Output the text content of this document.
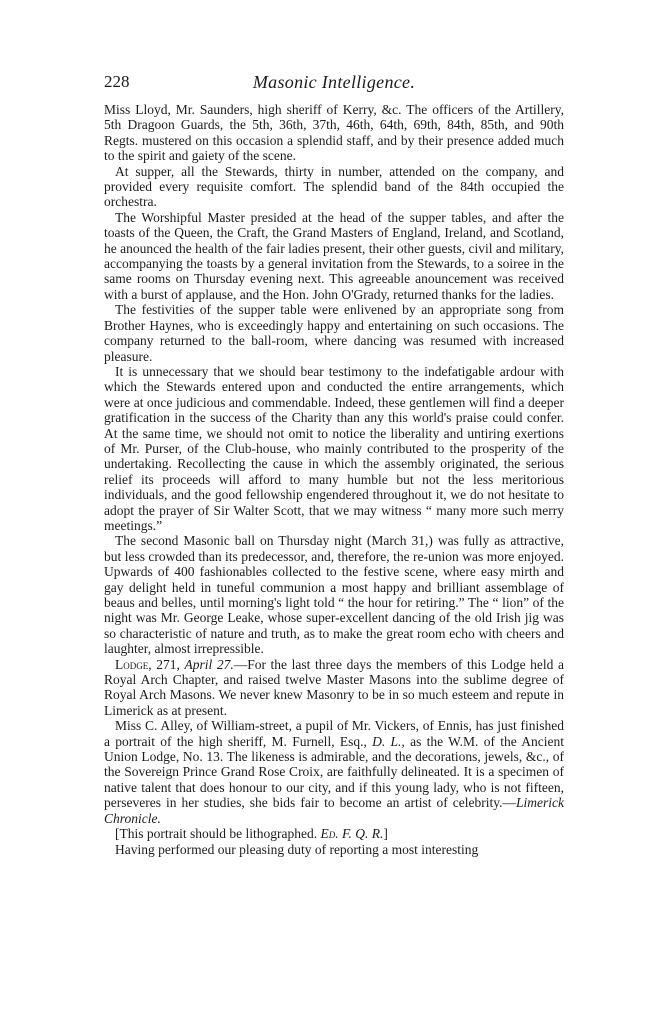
228	Masonic Intelligence.

Miss Lloyd, Mr. Saunders, high sheriff of Kerry, &c. The officers of the Artillery, 5th Dragoon Guards, the 5th, 36th, 37th, 46th, 64th, 69th, 84th, 85th, and 90th Regts. mustered on this occasion a splendid staff, and by their presence added much to the spirit and gaiety of the scene.

At supper, all the Stewards, thirty in number, attended on the company, and provided every requisite comfort. The splendid band of the 84th occupied the orchestra.

The Worshipful Master presided at the head of the supper tables, and after the toasts of the Queen, the Craft, the Grand Masters of England, Ireland, and Scotland, he anounced the health of the fair ladies present, their other guests, civil and military, accompanying the toasts by a general invitation from the Stewards, to a soiree in the same rooms on Thursday evening next. This agreeable anouncement was received with a burst of applause, and the Hon. John O'Grady, returned thanks for the ladies.

The festivities of the supper table were enlivened by an appropriate song from Brother Haynes, who is exceedingly happy and entertaining on such occasions. The company returned to the ball-room, where dancing was resumed with increased pleasure.

It is unnecessary that we should bear testimony to the indefatigable ardour with which the Stewards entered upon and conducted the entire arrangements, which were at once judicious and commendable. Indeed, these gentlemen will find a deeper gratification in the success of the Charity than any this world's praise could confer. At the same time, we should not omit to notice the liberality and untiring exertions of Mr. Purser, of the Club-house, who mainly contributed to the prosperity of the undertaking. Recollecting the cause in which the assembly originated, the serious relief its proceeds will afford to many humble but not the less meritorious individuals, and the good fellowship engendered throughout it, we do not hesitate to adopt the prayer of Sir Walter Scott, that we may witness “ many more such merry meetings.”

The second Masonic ball on Thursday night (March 31,) was fully as attractive, but less crowded than its predecessor, and, therefore, the re-union was more enjoyed. Upwards of 400 fashionables collected to the festive scene, where easy mirth and gay delight held in tuneful communion a most happy and brilliant assemblage of beaus and belles, until morning's light told “ the hour for retiring.” The “ lion” of the night was Mr. George Leake, whose super-excellent dancing of the old Irish jig was so characteristic of nature and truth, as to make the great room echo with cheers and laughter, almost irrepressible.

Lodge, 271, April 27.—For the last three days the members of this Lodge held a Royal Arch Chapter, and raised twelve Master Masons into the sublime degree of Royal Arch Masons. We never knew Masonry to be in so much esteem and repute in Limerick as at present.

Miss C. Alley, of William-street, a pupil of Mr. Vickers, of Ennis, has just finished a portrait of the high sheriff, M. Furnell, Esq., D. L., as the W.M. of the Ancient Union Lodge, No. 13. The likeness is admirable, and the decorations, jewels, &c., of the Sovereign Prince Grand Rose Croix, are faithfully delineated. It is a specimen of native talent that does honour to our city, and if this young lady, who is not fifteen, perseveres in her studies, she bids fair to become an artist of celebrity.—Limerick Chronicle.

[This portrait should be lithographed. Ed. F. Q. R.]

Having performed our pleasing duty of reporting a most interesting
